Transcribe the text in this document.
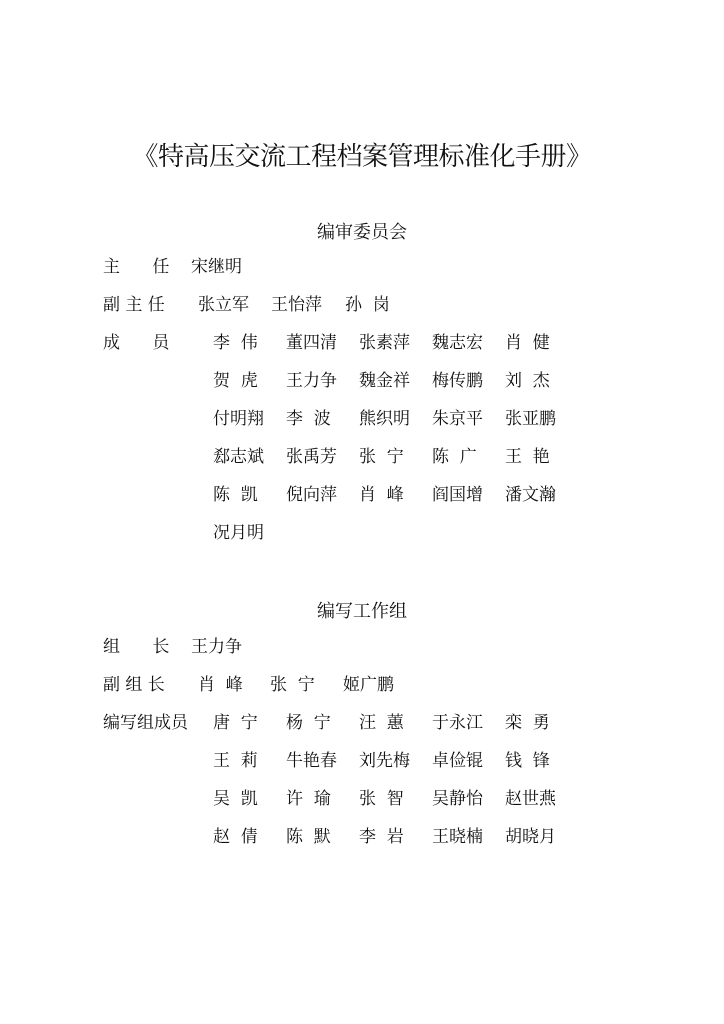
《特高压交流工程档案管理标准化手册》
编审委员会
主      任 宋继明
副 主 任 张立军 王怡萍 孙  岗
成      员	李  伟 董四清 张素萍 魏志宏 肖  健
贺  虎 王力争 魏金祥 梅传鹏 刘  杰
付明翔 李  波 熊织明 朱京平 张亚鹏
郄志斌 张禹芳 张  宁 陈  广 王  艳
陈  凯 倪向萍 肖  峰 阎国增 潘文瀚
况月明
编写工作组
组      长 王力争
副 组 长 肖  峰 张  宁 姬广鹏
编写组成员 唐  宁 杨  宁 汪  蕙 于永江 栾  勇
王  莉 牛艳春 刘先梅 卓俭锟 钱  锋
吴  凯 许  瑜 张  智 吴静怡 赵世燕
赵  倩 陈  默 李  岩 王晓楠 胡晓月
